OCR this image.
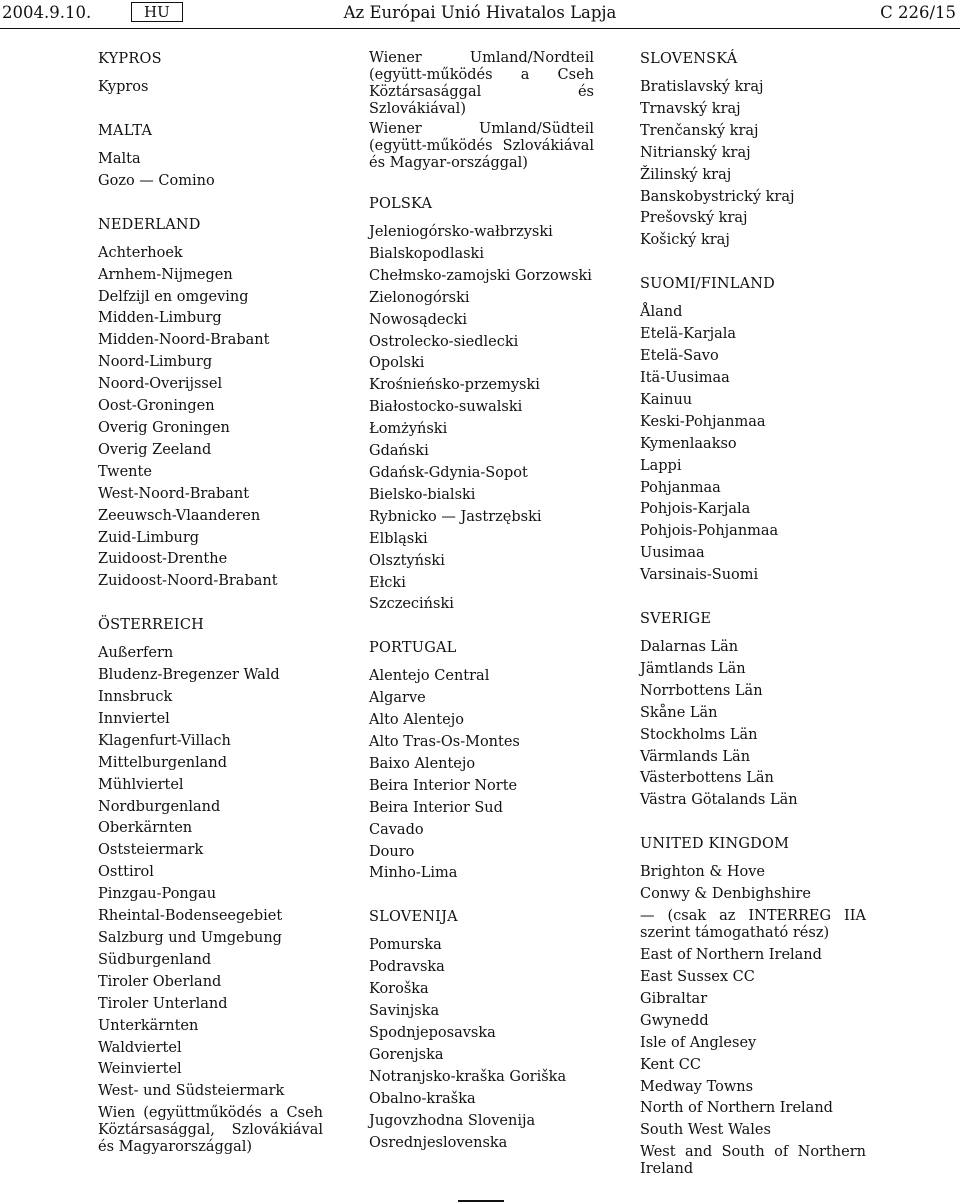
2004.9.10.	HU	Az Európai Unió Hivatalos Lapja	C 226/15
KYPROS
Kypros
MALTA
Malta
Gozo — Comino
NEDERLAND
Achterhoek
Arnhem-Nijmegen
Delfzijl en omgeving
Midden-Limburg
Midden-Noord-Brabant
Noord-Limburg
Noord-Overijssel
Oost-Groningen
Overig Groningen
Overig Zeeland
Twente
West-Noord-Brabant
Zeeuwsch-Vlaanderen
Zuid-Limburg
Zuidoost-Drenthe
Zuidoost-Noord-Brabant
ÖSTERREICH
Außerfern
Bludenz-Bregenzer Wald
Innsbruck
Innviertel
Klagenfurt-Villach
Mittelburgenland
Mühlviertel
Nordburgenland
Oberkärnten
Oststeiermark
Osttirol
Pinzgau-Pongau
Rheintal-Bodenseegebiet
Salzburg und Umgebung
Südburgenland
Tiroler Oberland
Tiroler Unterland
Unterkärnten
Waldviertel
Weinviertel
West- und Südsteiermark
Wien (együttműködés a Cseh Köztársasággal, Szlovákiával és Magyarországgal)
Wiener Umland/Nordteil (együtt-működés a Cseh Köztársasággal és Szlovákiával)
Wiener Umland/Südteil (együtt-működés Szlovákiával és Magyar-országgal)
POLSKA
Jeleniogórsko-wałbrzyski
Bialskopodlaski
Chełmsko-zamojski Gorzowski
Zielonogórski
Nowosądecki
Ostrolecko-siedlecki
Opolski
Krośnieńsko-przemyski
Białostocko-suwalski
Łomżyński
Gdański
Gdańsk-Gdynia-Sopot
Bielsko-bialski
Rybnicko — Jastrzębski
Elbląski
Olsztyński
Ełcki
Szczeciński
PORTUGAL
Alentejo Central
Algarve
Alto Alentejo
Alto Tras-Os-Montes
Baixo Alentejo
Beira Interior Norte
Beira Interior Sud
Cavado
Douro
Minho-Lima
SLOVENIJA
Pomurska
Podravska
Koroška
Savinjska
Spodnjeposavska
Gorenjska
Notranjsko-kraška Goriška
Obalno-kraška
Jugovzhodna Slovenija
Osrednjeslovenska
SLOVENSKÁ
Bratislavský kraj
Trnavský kraj
Trenčanský kraj
Nitrianský kraj
Žilinský kraj
Banskobystrický kraj
Prešovský kraj
Košický kraj
SUOMI/FINLAND
Åland
Etelä-Karjala
Etelä-Savo
Itä-Uusimaa
Kainuu
Keski-Pohjanmaa
Kymenlaakso
Lappi
Pohjanmaa
Pohjois-Karjala
Pohjois-Pohjanmaa
Uusimaa
Varsinais-Suomi
SVERIGE
Dalarnas Län
Jämtlands Län
Norrbottens Län
Skåne Län
Stockholms Län
Värmlands Län
Västerbottens Län
Västra Götalands Län
UNITED KINGDOM
Brighton & Hove
Conwy & Denbighshire
— (csak az INTERREG IIA szerint támogatható rész)
East of Northern Ireland
East Sussex CC
Gibraltar
Gwynedd
Isle of Anglesey
Kent CC
Medway Towns
North of Northern Ireland
South West Wales
West and South of Northern Ireland
